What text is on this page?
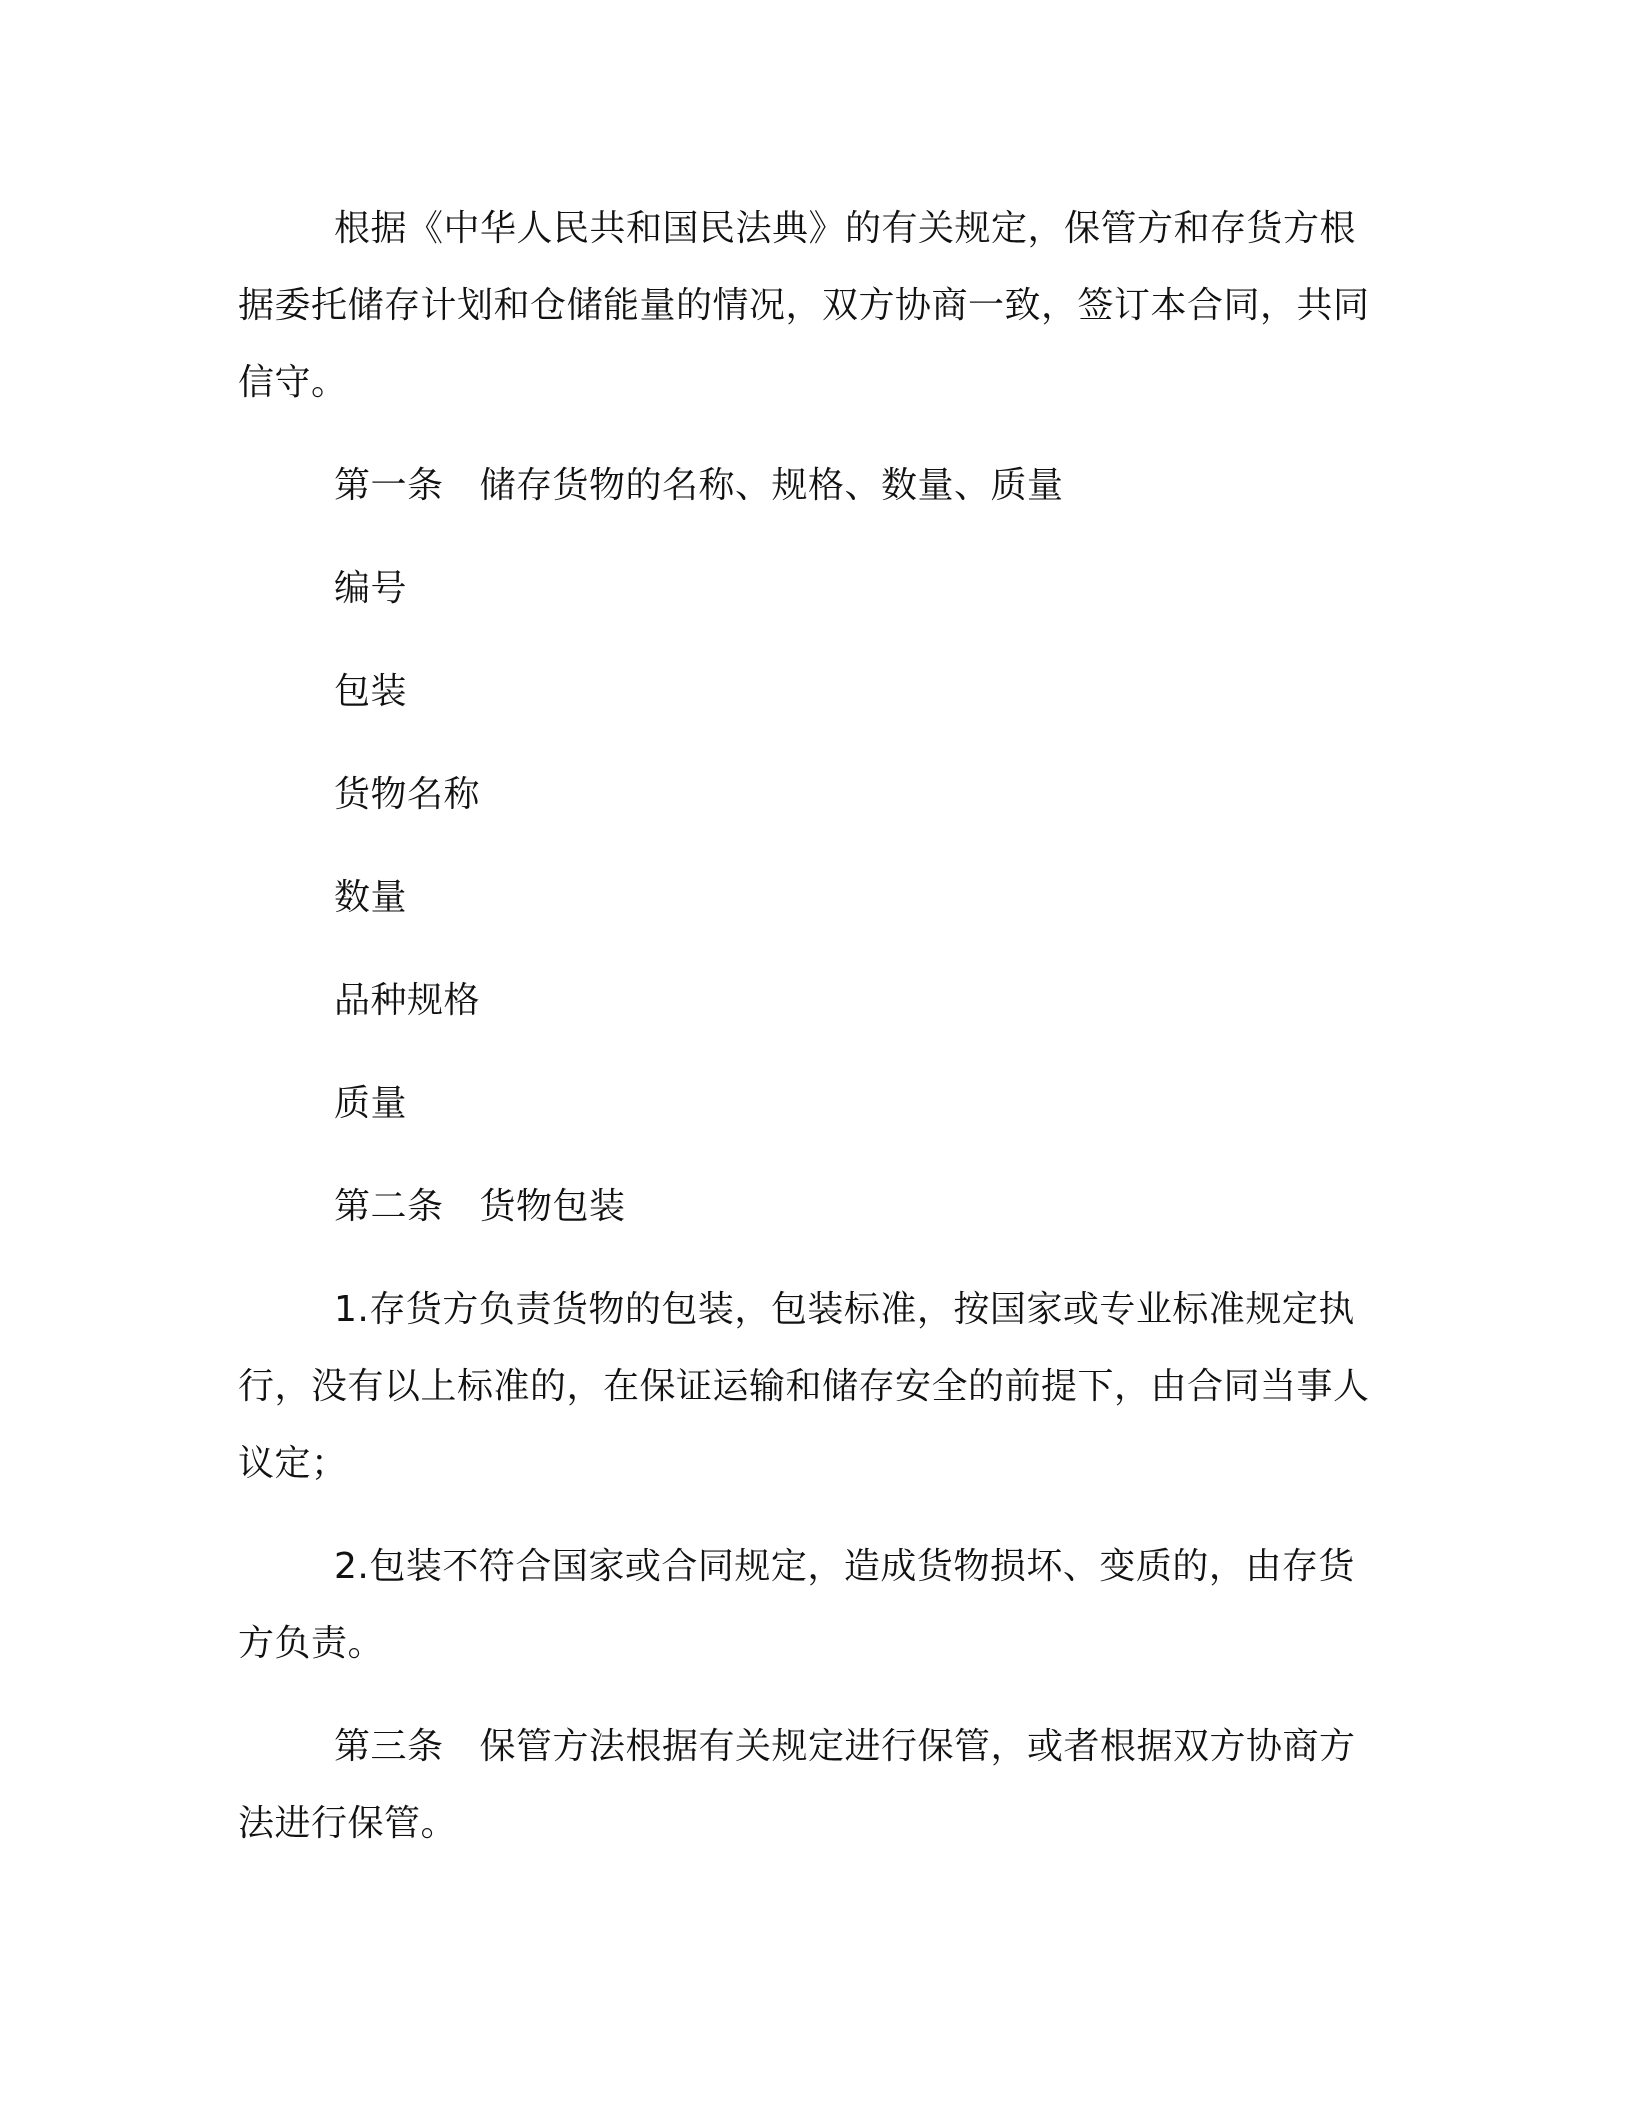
根据《中华人民共和国民法典》的有关规定，保管方和存货方根据委托储存计划和仓储能量的情况，双方协商一致，签订本合同，共同信守。

第一条 储存货物的名称、规格、数量、质量

编号

包装

货物名称

数量

品种规格

质量

第二条 货物包装

1.存货方负责货物的包装，包装标准，按国家或专业标准规定执行，没有以上标准的，在保证运输和储存安全的前提下，由合同当事人议定；

2.包装不符合国家或合同规定，造成货物损坏、变质的，由存货方负责。

第三条 保管方法根据有关规定进行保管，或者根据双方协商方法进行保管。
